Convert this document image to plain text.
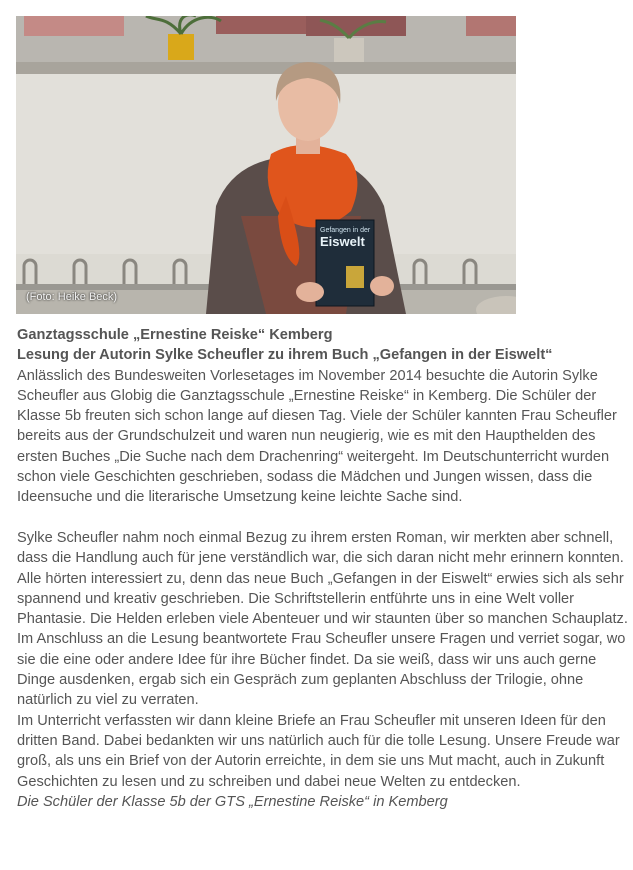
Gefangen in der
Eiswelt
(Foto: Heike Beck)
Ganztagsschule „Ernestine Reiske“ Kemberg
Lesung der Autorin Sylke Scheufler zu ihrem Buch „Gefangen in der Eiswelt“

Anlässlich des Bundesweiten Vorlesetages im November 2014 besuchte die Autorin Sylke Scheufler aus Globig die Ganztagsschule „Ernestine Reiske“ in Kemberg. Die Schüler der Klasse 5b freuten sich schon lange auf diesen Tag. Viele der Schüler kannten Frau Scheufler bereits aus der Grundschulzeit und waren nun neugierig, wie es mit den Haupthelden des ersten Buches „Die Suche nach dem Drachenring“ weitergeht. Im Deutschunterricht wurden schon viele Geschichten geschrieben, sodass die Mädchen und Jungen wissen, dass die Ideensuche und die literarische Umsetzung keine leichte Sache sind.

Sylke Scheufler nahm noch einmal Bezug zu ihrem ersten Roman, wir merkten aber schnell, dass die Handlung auch für jene verständlich war, die sich daran nicht mehr erinnern konnten. Alle hörten interessiert zu, denn das neue Buch „Gefangen in der Eiswelt“ erwies sich als sehr spannend und kreativ geschrieben. Die Schriftstellerin entführte uns in eine Welt voller Phantasie. Die Helden erleben viele Abenteuer und wir staunten über so manchen Schauplatz.

Im Anschluss an die Lesung beantwortete Frau Scheufler unsere Fragen und verriet sogar, wo sie die eine oder andere Idee für ihre Bücher findet. Da sie weiß, dass wir uns auch gerne Dinge ausdenken, ergab sich ein Gespräch zum geplanten Abschluss der Trilogie, ohne natürlich zu viel zu verraten.

Im Unterricht verfassten wir dann kleine Briefe an Frau Scheufler mit unseren Ideen für den dritten Band. Dabei bedankten wir uns natürlich auch für die tolle Lesung. Unsere Freude war groß, als uns ein Brief von der Autorin erreichte, in dem sie uns Mut macht, auch in Zukunft Geschichten zu lesen und zu schreiben und dabei neue Welten zu entdecken.

Die Schüler der Klasse 5b der GTS „Ernestine Reiske“ in Kemberg
